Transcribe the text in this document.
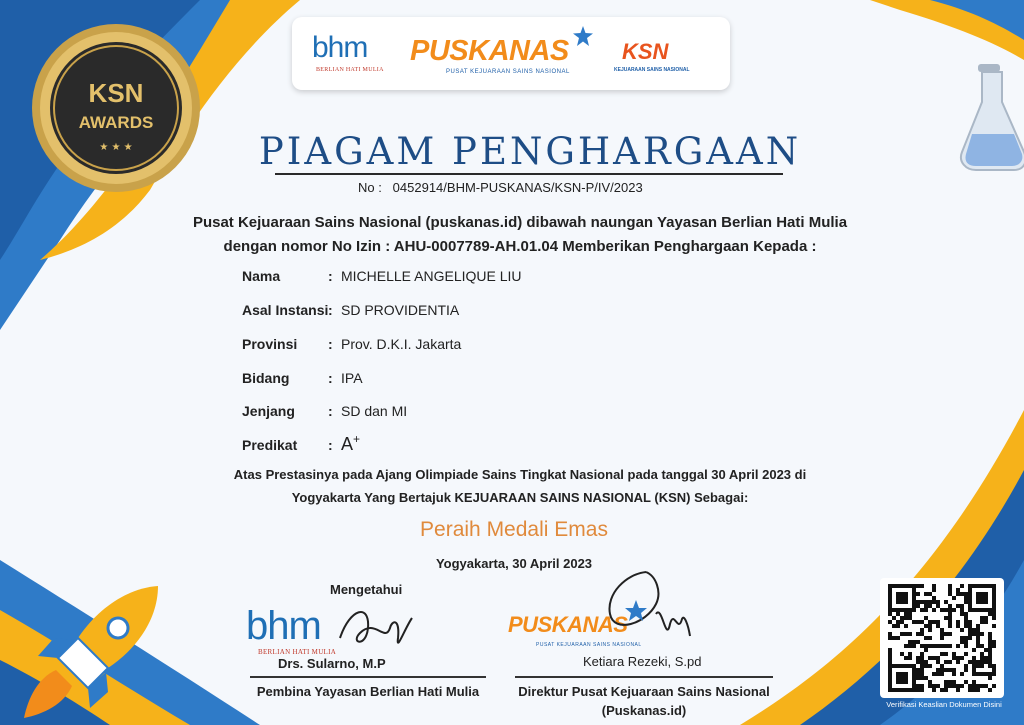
KSN
AWARDS
★ ★ ★
bhm
BERLIAN HATI MULIA
PUSKANAS
PUSAT KEJUARAAN SAINS NASIONAL
KSN
KEJUARAAN SAINS NASIONAL
PIAGAM PENGHARGAAN
No :   0452914/BHM-PUSKANAS/KSN-P/IV/2023
Pusat Kejuaraan Sains Nasional (puskanas.id) dibawah naungan Yayasan Berlian Hati Mulia
dengan nomor No Izin : AHU-0007789-AH.01.04 Memberikan Penghargaan Kepada :
Nama	: MICHELLE ANGELIQUE LIU
Asal Instansi : SD PROVIDENTIA
Provinsi : Prov. D.K.I. Jakarta
Bidang	: IPA
Jenjang : SD dan MI
Predikat : A+
Atas Prestasinya pada Ajang Olimpiade Sains Tingkat Nasional pada tanggal 30 April 2023 di
Yogyakarta Yang Bertajuk KEJUARAAN SAINS NASIONAL (KSN) Sebagai:
Peraih Medali Emas
Yogyakarta, 30 April 2023
Mengetahui
bhm
BERLIAN HATI MULIA
Drs. Sularno, M.P
Pembina Yayasan Berlian Hati Mulia
PUSKANAS
PUSAT KEJUARAAN SAINS NASIONAL
Ketiara Rezeki, S.pd
Direktur Pusat Kejuaraan Sains Nasional
(Puskanas.id)	Verifikasi Keaslian Dokumen Disini
